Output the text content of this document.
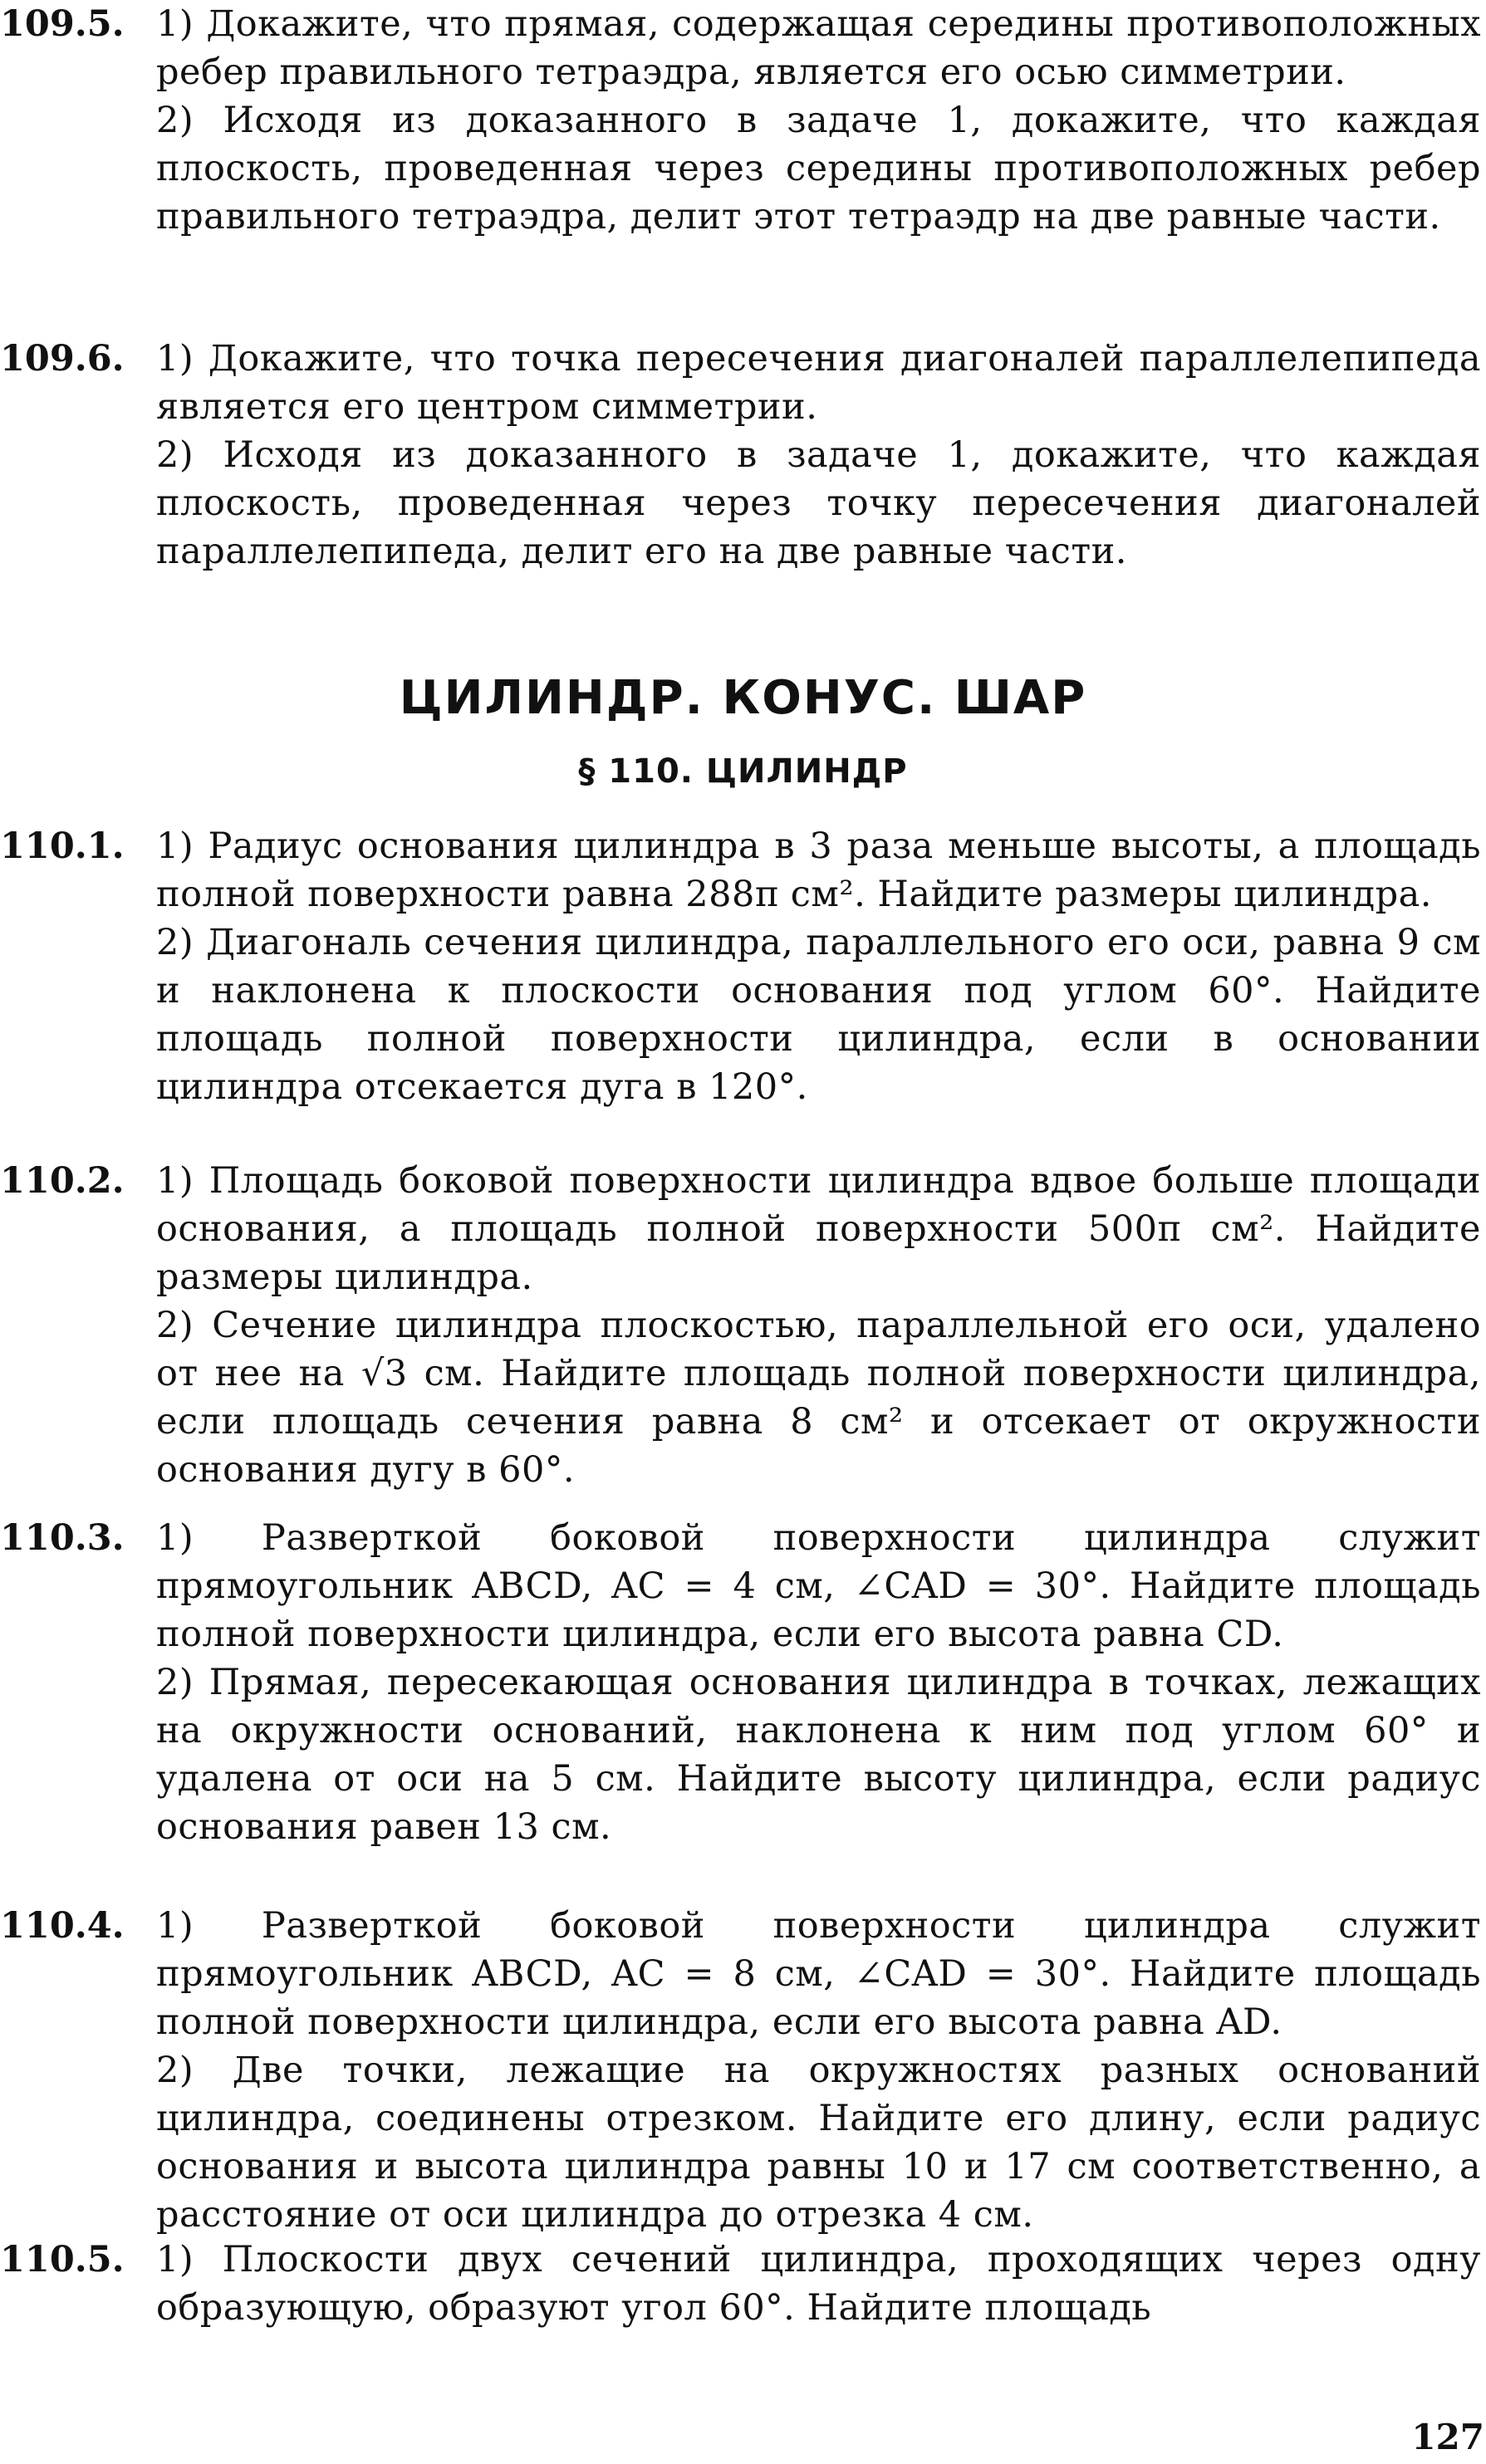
109.5. 1) Докажите, что прямая, содержащая середины противоположных ребер правильного тетраэдра, является его осью симметрии.
2) Исходя из доказанного в задаче 1, докажите, что каждая плоскость, проведенная через середины противоположных ребер правильного тетраэдра, делит этот тетраэдр на две равные части.
109.6. 1) Докажите, что точка пересечения диагоналей параллелепипеда является его центром симметрии.
2) Исходя из доказанного в задаче 1, докажите, что каждая плоскость, проведенная через точку пересечения диагоналей параллелепипеда, делит его на две равные части.
ЦИЛИНДР. КОНУС. ШАР
§ 110. ЦИЛИНДР
110.1. 1) Радиус основания цилиндра в 3 раза меньше высоты, а площадь полной поверхности равна 288π см². Найдите размеры цилиндра.
2) Диагональ сечения цилиндра, параллельного его оси, равна 9 см и наклонена к плоскости основания под углом 60°. Найдите площадь полной поверхности цилиндра, если в основании цилиндра отсекается дуга в 120°.
110.2. 1) Площадь боковой поверхности цилиндра вдвое больше площади основания, а площадь полной поверхности 500π см². Найдите размеры цилиндра.
2) Сечение цилиндра плоскостью, параллельной его оси, удалено от нее на √3 см. Найдите площадь полной поверхности цилиндра, если площадь сечения равна 8 см² и отсекает от окружности основания дугу в 60°.
110.3. 1) Разверткой боковой поверхности цилиндра служит прямоугольник ABCD, AC = 4 см, ∠CAD = 30°. Найдите площадь полной поверхности цилиндра, если его высота равна CD.
2) Прямая, пересекающая основания цилиндра в точках, лежащих на окружности оснований, наклонена к ним под углом 60° и удалена от оси на 5 см. Найдите высоту цилиндра, если радиус основания равен 13 см.
110.4. 1) Разверткой боковой поверхности цилиндра служит прямоугольник ABCD, AC = 8 см, ∠CAD = 30°. Найдите площадь полной поверхности цилиндра, если его высота равна AD.
2) Две точки, лежащие на окружностях разных оснований цилиндра, соединены отрезком. Найдите его длину, если радиус основания и высота цилиндра равны 10 и 17 см соответственно, а расстояние от оси цилиндра до отрезка 4 см.
110.5. 1) Плоскости двух сечений цилиндра, проходящих через одну образующую, образуют угол 60°. Найдите площадь
127
